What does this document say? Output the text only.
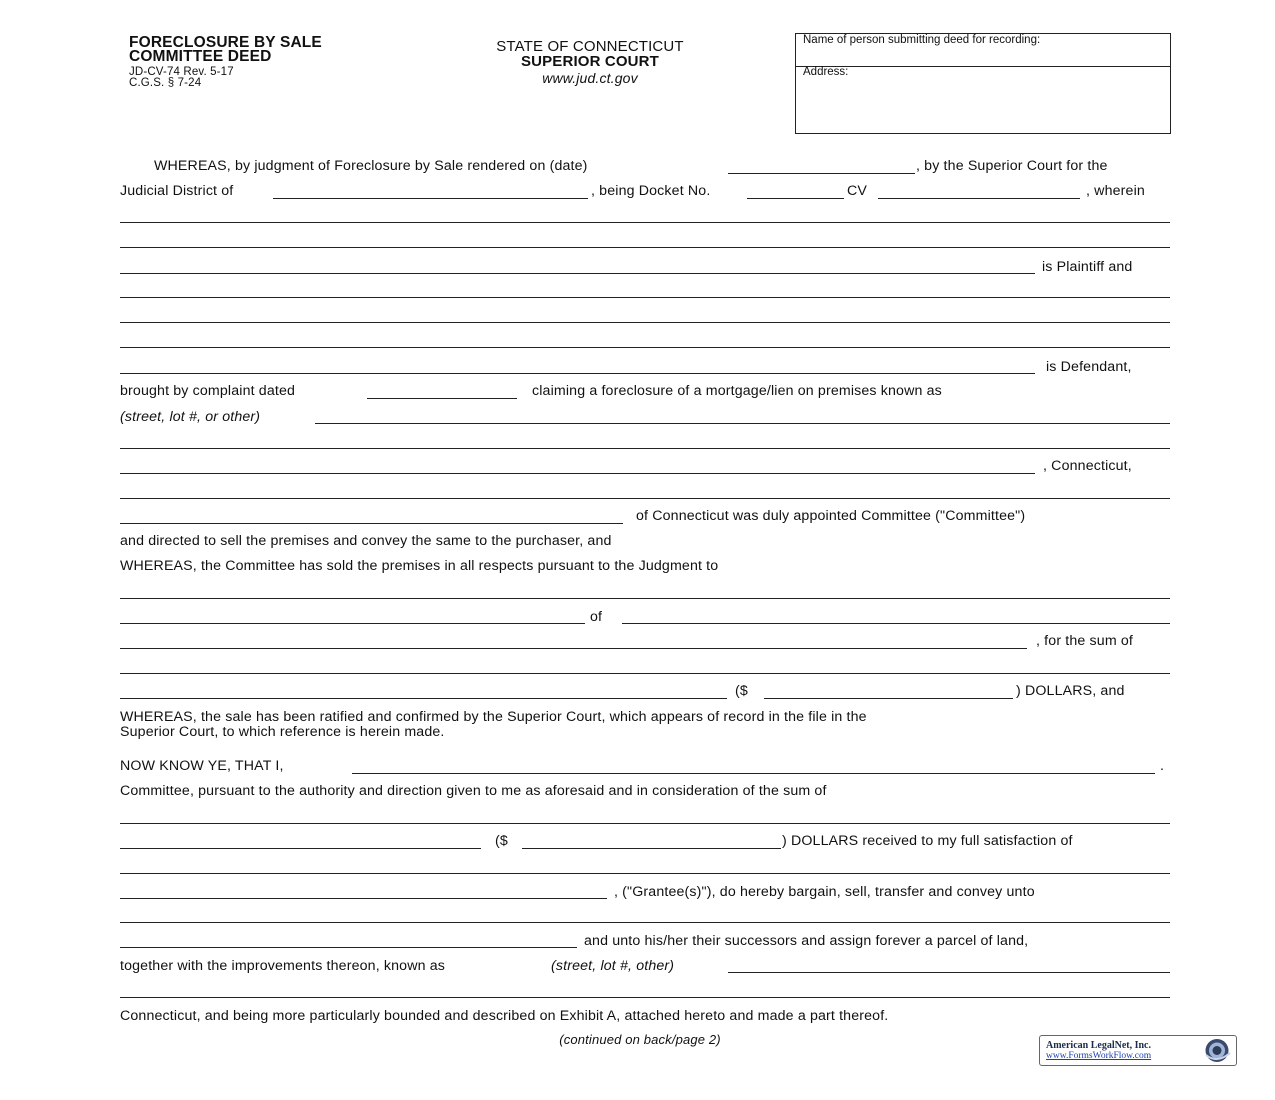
FORECLOSURE BY SALE
COMMITTEE DEED
JD-CV-74 Rev. 5-17
C.G.S. § 7-24
STATE OF CONNECTICUT
SUPERIOR COURT
www.jud.ct.gov
Name of person submitting deed for recording:
Address:
WHEREAS, by judgment of Foreclosure by Sale rendered on (date)	, by the Superior Court for the
Judicial District of	, being Docket No.	CV	, wherein
is Plaintiff and
is Defendant,
brought by complaint dated	claiming a foreclosure of a mortgage/lien on premises known as
(street, lot #, or other)
, Connecticut,
of Connecticut was duly appointed Committee ("Committee")
and directed to sell the premises and convey the same to the purchaser, and
WHEREAS, the Committee has sold the premises in all respects pursuant to the Judgment to
of
, for the sum of
($	) DOLLARS, and
WHEREAS, the sale has been ratified and confirmed by the Superior Court, which appears of record in the file in the
Superior Court, to which reference is herein made.
NOW KNOW YE, THAT I,	.
Committee, pursuant to the authority and direction given to me as aforesaid and in consideration of the sum of
($	) DOLLARS received to my full satisfaction of
, ("Grantee(s)"), do hereby bargain, sell, transfer and convey unto
and unto his/her their successors and assign forever a parcel of land,
together with the improvements thereon, known as	(street, lot #, other)
Connecticut, and being more particularly bounded and described on Exhibit A, attached hereto and made a part thereof.
(continued on back/page 2)	American LegalNet, Inc.
www.FormsWorkFlow.com
